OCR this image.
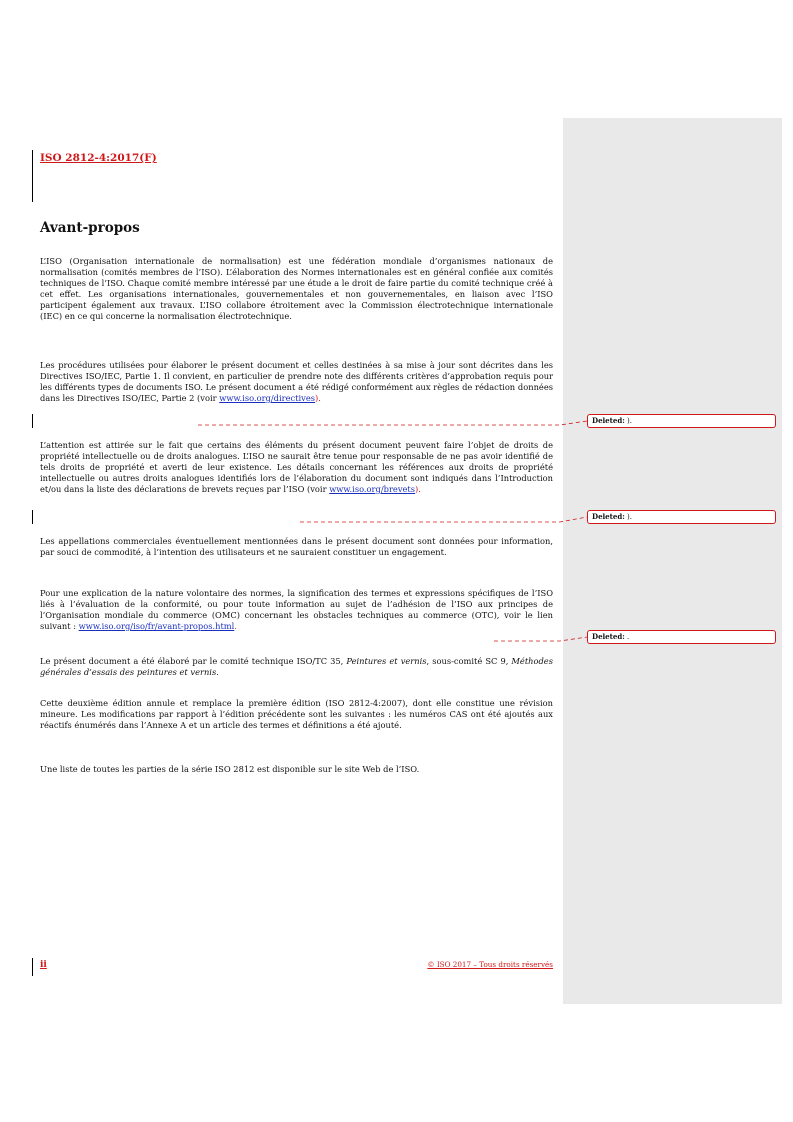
ISO 2812-4:2017(F)
Avant-propos

L’ISO (Organisation internationale de normalisation) est une fédération mondiale d’organismes nationaux de normalisation (comités membres de l’ISO). L’élaboration des Normes internationales est en général confiée aux comités techniques de l’ISO. Chaque comité membre intéressé par une étude a le droit de faire partie du comité technique créé à cet effet. Les organisations internationales, gouvernementales et non gouvernementales, en liaison avec l’ISO participent également aux travaux. L’ISO collabore étroitement avec la Commission électrotechnique internationale (IEC) en ce qui concerne la normalisation électrotechnique.

Les procédures utilisées pour élaborer le présent document et celles destinées à sa mise à jour sont décrites dans les Directives ISO/IEC, Partie 1. Il convient, en particulier de prendre note des différents critères d’approbation requis pour les différents types de documents ISO. Le présent document a été rédigé conformément aux règles de rédaction données dans les Directives ISO/IEC, Partie 2 (voir www.iso.org/directives).

L’attention est attirée sur le fait que certains des éléments du présent document peuvent faire l’objet de droits de propriété intellectuelle ou de droits analogues. L’ISO ne saurait être tenue pour responsable de ne pas avoir identifié de tels droits de propriété et averti de leur existence. Les détails concernant les références aux droits de propriété intellectuelle ou autres droits analogues identifiés lors de l’élaboration du document sont indiqués dans l’Introduction et/ou dans la liste des déclarations de brevets reçues par l’ISO (voir www.iso.org/brevets).

Les appellations commerciales éventuellement mentionnées dans le présent document sont données pour information, par souci de commodité, à l’intention des utilisateurs et ne sauraient constituer un engagement.

Pour une explication de la nature volontaire des normes, la signification des termes et expressions spécifiques de l’ISO liés à l’évaluation de la conformité, ou pour toute information au sujet de l’adhésion de l’ISO aux principes de l’Organisation mondiale du commerce (OMC) concernant les obstacles techniques au commerce (OTC), voir le lien suivant : www.iso.org/iso/fr/avant-propos.html.

Le présent document a été élaboré par le comité technique ISO/TC 35, Peintures et vernis, sous-comité SC 9, Méthodes générales d’essais des peintures et vernis.

Cette deuxième édition annule et remplace la première édition (ISO 2812-4:2007), dont elle constitue une révision mineure. Les modifications par rapport à l’édition précédente sont les suivantes : les numéros CAS ont été ajoutés aux réactifs énumérés dans l’Annexe A et un article des termes et définitions a été ajouté.

Une liste de toutes les parties de la série ISO 2812 est disponible sur le site Web de l’ISO.

ii	© ISO 2017 – Tous droits réservés
Deleted: ).
Deleted: ).
Deleted: .
